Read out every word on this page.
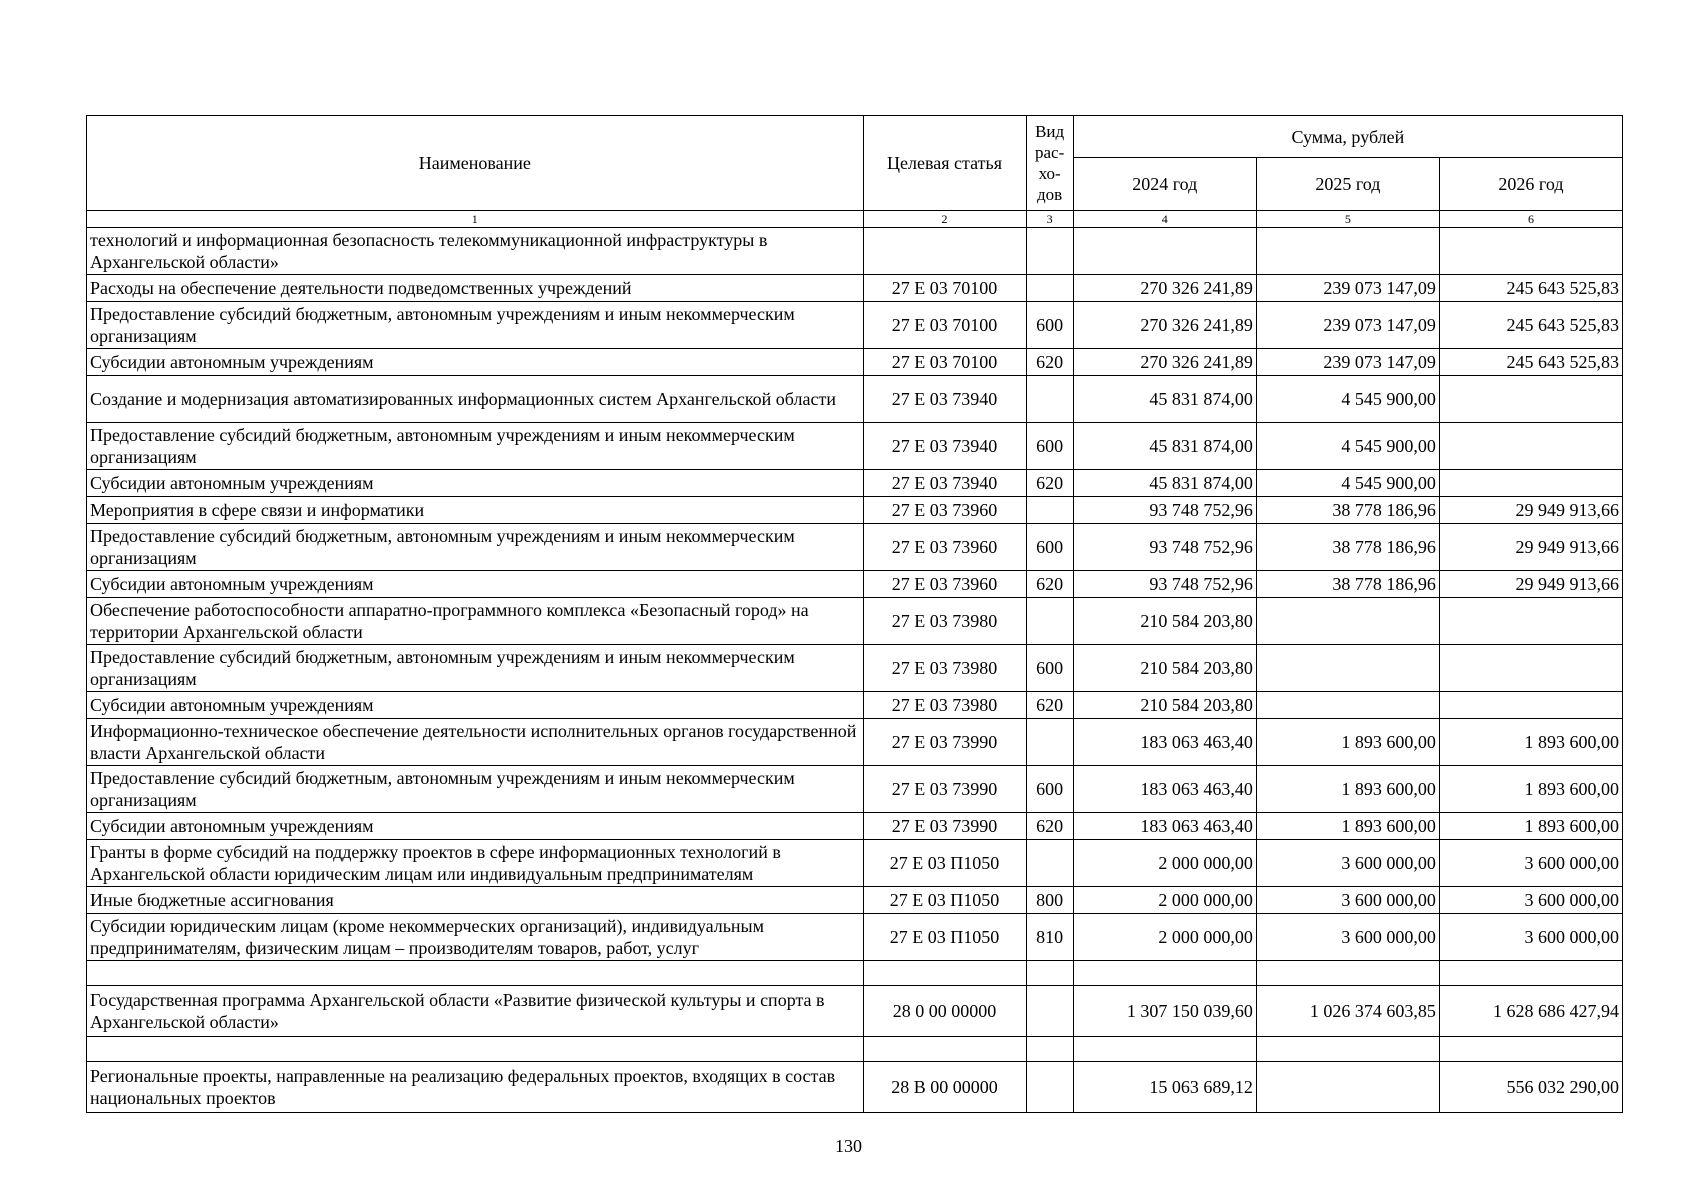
Наименование	Целевая статья	Вид рас- хо- дов	Сумма, рублей		
			2024 год	2025 год	2026 год
1	2	3	4	5	6
технологий и информационная безопасность телекоммуникационной инфраструктуры в Архангельской области»					
Расходы на обеспечение деятельности подведомственных учреждений	27 Е 03 70100		270 326 241,89	239 073 147,09	245 643 525,83
Предоставление субсидий бюджетным, автономным учреждениям и иным некоммерческим организациям	27 Е 03 70100	600	270 326 241,89	239 073 147,09	245 643 525,83
Субсидии автономным учреждениям	27 Е 03 70100	620	270 326 241,89	239 073 147,09	245 643 525,83
Создание и модернизация автоматизированных информационных систем Архангельской области	27 Е 03 73940		45 831 874,00	4 545 900,00	
Предоставление субсидий бюджетным, автономным учреждениям и иным некоммерческим организациям	27 Е 03 73940	600	45 831 874,00	4 545 900,00	
Субсидии автономным учреждениям	27 Е 03 73940	620	45 831 874,00	4 545 900,00	
Мероприятия в сфере связи и информатики	27 Е 03 73960		93 748 752,96	38 778 186,96	29 949 913,66
Предоставление субсидий бюджетным, автономным учреждениям и иным некоммерческим организациям	27 Е 03 73960	600	93 748 752,96	38 778 186,96	29 949 913,66
Субсидии автономным учреждениям	27 Е 03 73960	620	93 748 752,96	38 778 186,96	29 949 913,66
Обеспечение работоспособности аппаратно-программного комплекса «Безопасный город» на территории Архангельской области	27 Е 03 73980		210 584 203,80		
Предоставление субсидий бюджетным, автономным учреждениям и иным некоммерческим организациям	27 Е 03 73980	600	210 584 203,80		
Субсидии автономным учреждениям	27 Е 03 73980	620	210 584 203,80		
Информационно-техническое обеспечение деятельности исполнительных органов государственной власти Архангельской области	27 Е 03 73990		183 063 463,40	1 893 600,00	1 893 600,00
Предоставление субсидий бюджетным, автономным учреждениям и иным некоммерческим организациям	27 Е 03 73990	600	183 063 463,40	1 893 600,00	1 893 600,00
Субсидии автономным учреждениям	27 Е 03 73990	620	183 063 463,40	1 893 600,00	1 893 600,00
Гранты в форме субсидий на поддержку проектов в сфере информационных технологий в Архангельской области юридическим лицам или индивидуальным предпринимателям	27 Е 03 П1050		2 000 000,00	3 600 000,00	3 600 000,00
Иные бюджетные ассигнования	27 Е 03 П1050	800	2 000 000,00	3 600 000,00	3 600 000,00
Субсидии юридическим лицам (кроме некоммерческих организаций), индивидуальным предпринимателям, физическим лицам – производителям товаров, работ, услуг	27 Е 03 П1050	810	2 000 000,00	3 600 000,00	3 600 000,00

Государственная программа Архангельской области «Развитие физической культуры и спорта в Архангельской области»	28 0 00 00000		1 307 150 039,60	1 026 374 603,85	1 628 686 427,94

Региональные проекты, направленные на реализацию федеральных проектов, входящих в состав национальных проектов	28 В 00 00000		15 063 689,12		556 032 290,00
130
